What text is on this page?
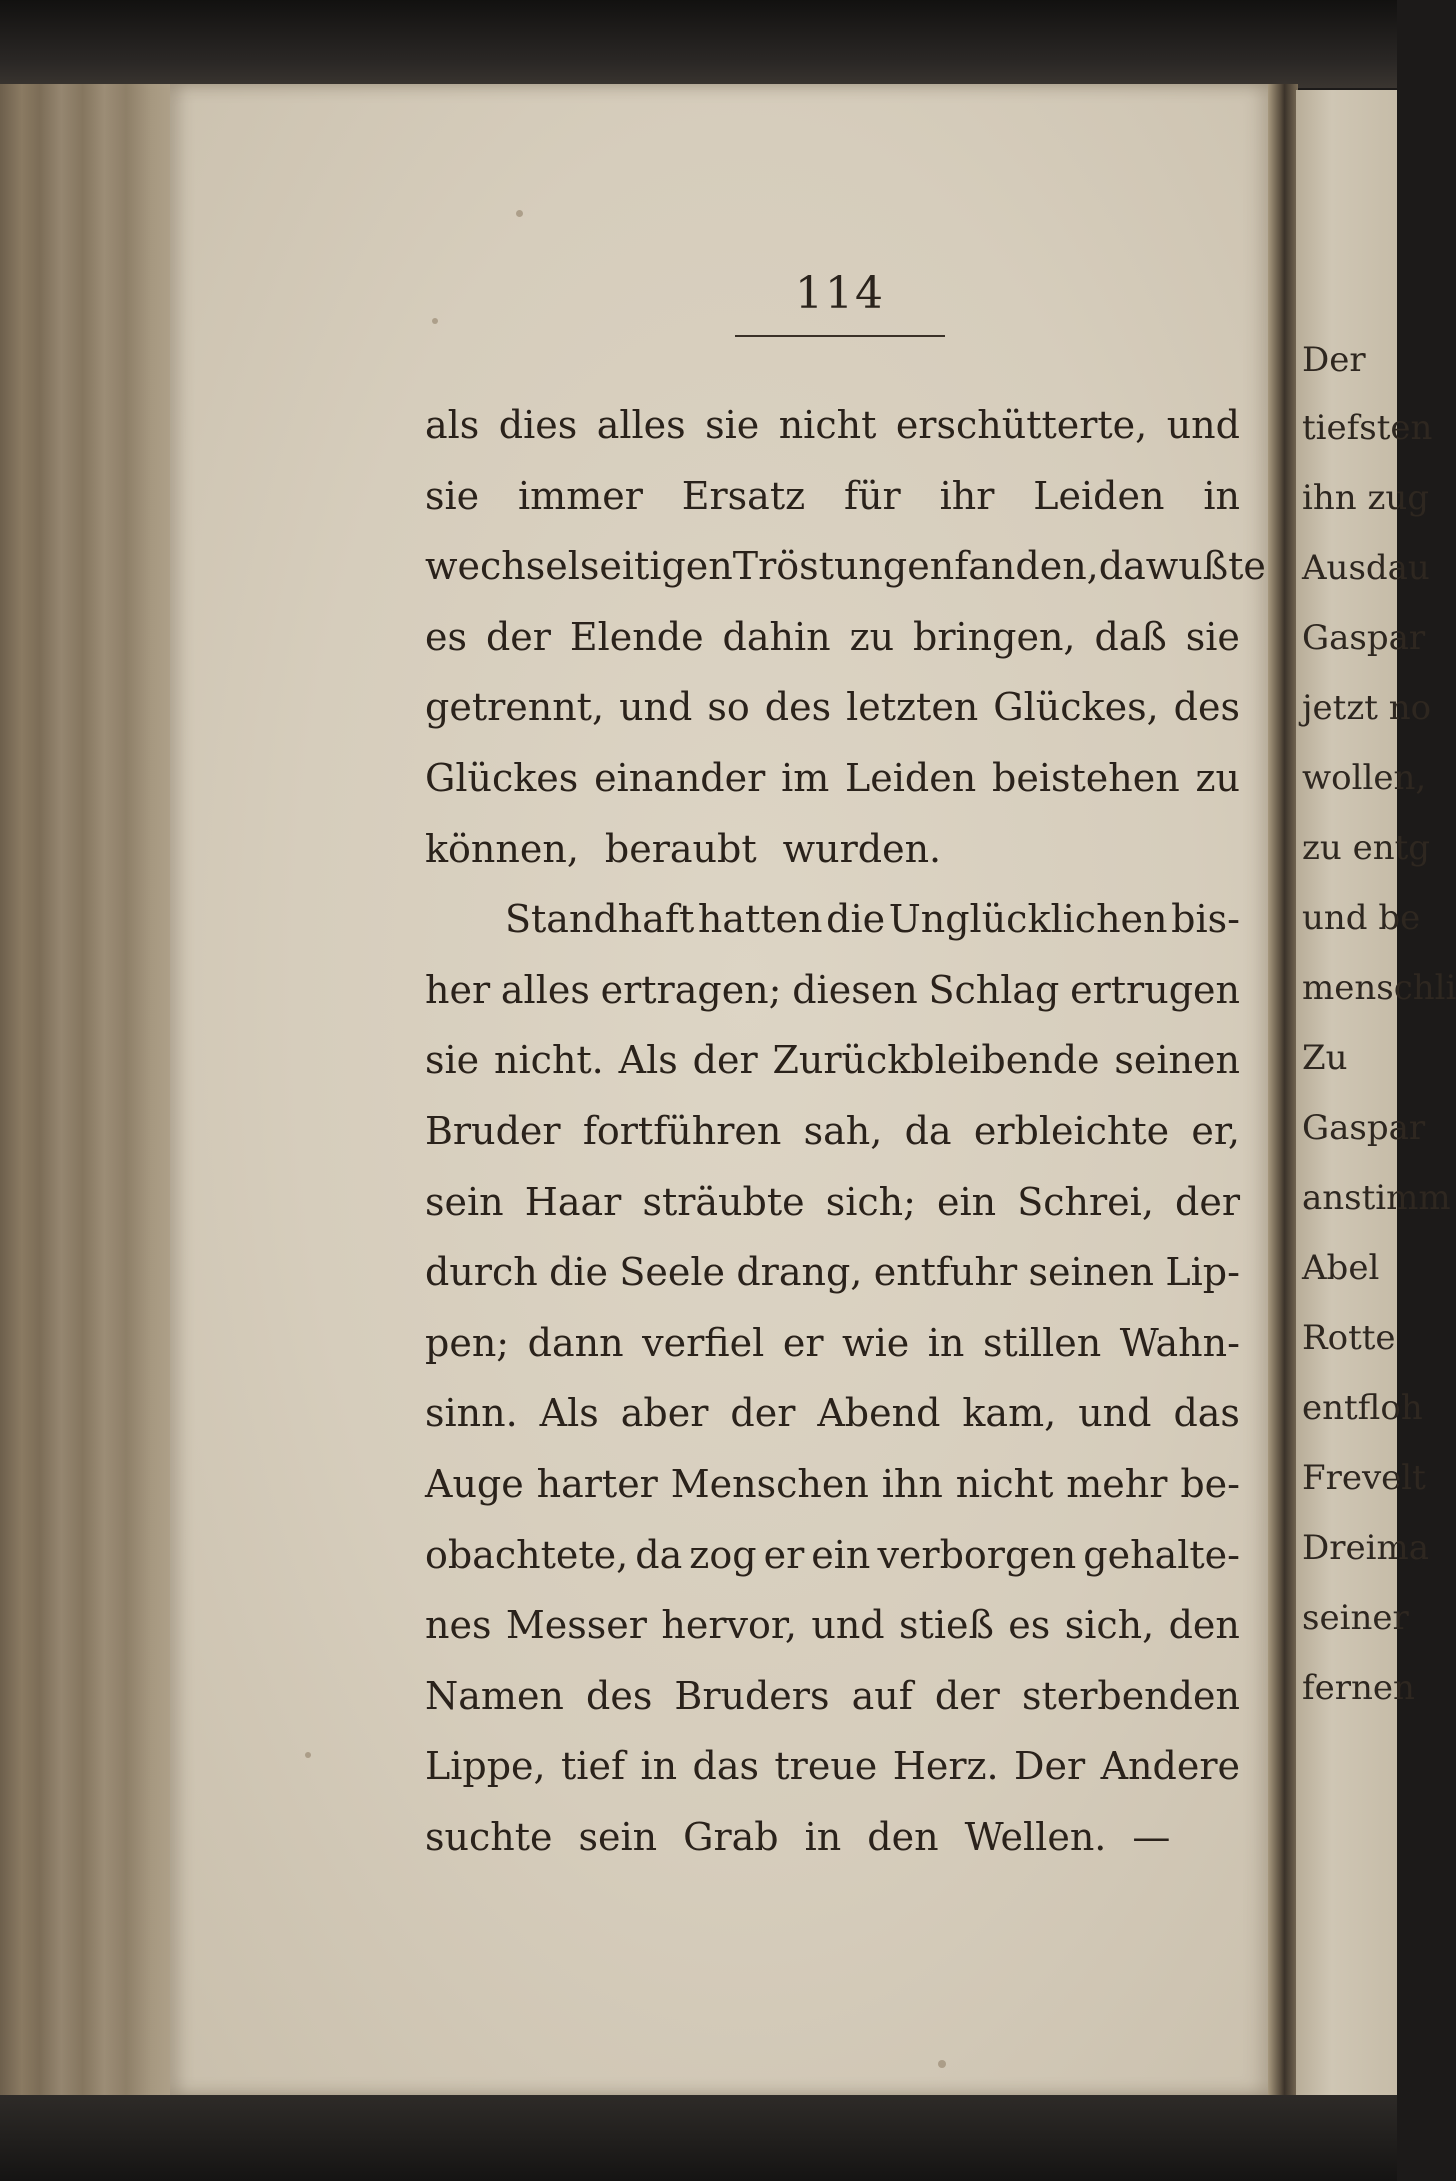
Der
tiefsten
ihn zug
Ausdau
Gaspar
jetzt no
wollen,
zu entg
und be
menschli
Zu
Gaspar
anstimm
Abel
Rotte
entfloh
Frevelt
Dreima
seiner
fernen
114
als dies alles sie nicht erschütterte, und
sie immer Ersatz für ihr Leiden in
wechselseitigen Tröstungen fanden, da wußte
es der Elende dahin zu bringen, daß sie
getrennt, und so des letzten Glückes, des
Glückes einander im Leiden beistehen zu
können, beraubt wurden.
Standhaft hatten die Unglücklichen bis-
her alles ertragen; diesen Schlag ertrugen
sie nicht. Als der Zurückbleibende seinen
Bruder fortführen sah, da erbleichte er,
sein Haar sträubte sich; ein Schrei, der
durch die Seele drang, entfuhr seinen Lip-
pen; dann verfiel er wie in stillen Wahn-
sinn. Als aber der Abend kam, und das
Auge harter Menschen ihn nicht mehr be-
obachtete, da zog er ein verborgen gehalte-
nes Messer hervor, und stieß es sich, den
Namen des Bruders auf der sterbenden
Lippe, tief in das treue Herz. Der Andere
suchte sein Grab in den Wellen. —
